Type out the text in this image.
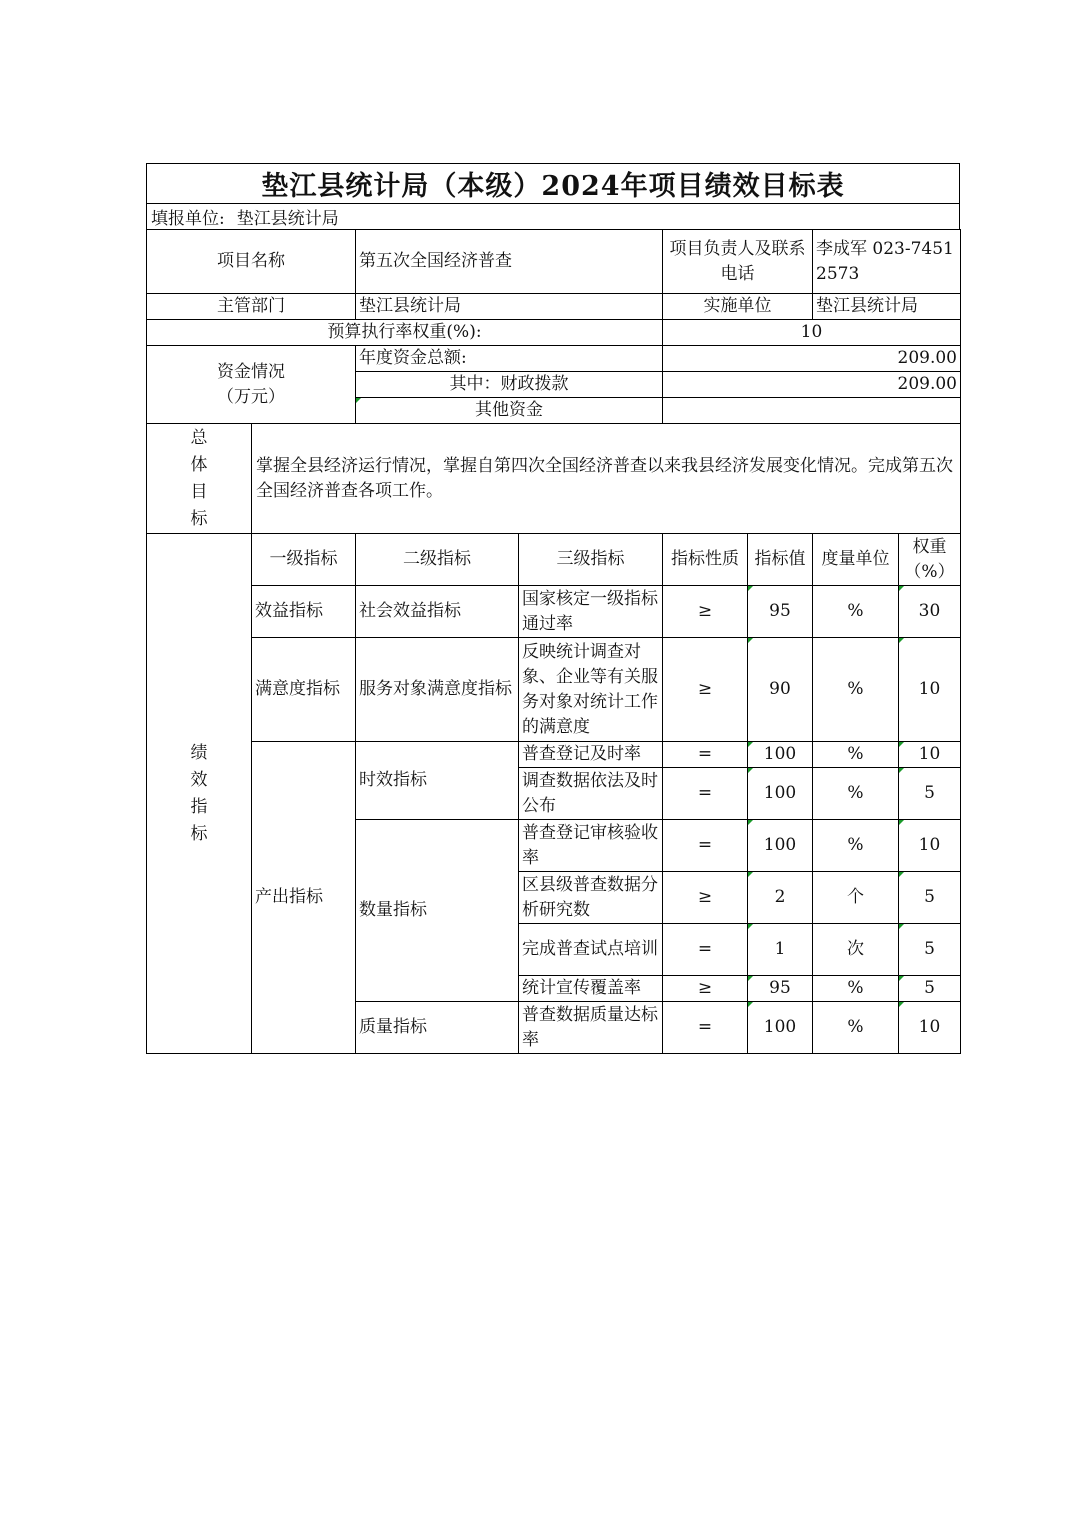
垫江县统计局（本级）2024年项目绩效目标表
填报单位: 垫江县统计局
项目名称		第五次全国经济普查		项目负责人及联系电话		李成军 023-74512573	
主管部门		垫江县统计局		实施单位		垫江县统计局	
预算执行率权重(%):				10			

资金情况
（万元）		年度资金总额:		209.00			
		其中：财政拨款		209.00			
		其他资金					

总
体
目
标	掌握全县经济运行情况，掌握自第四次全国经济普查以来我县经济发展变化情况。完成第五次全国经济普查各项工作。						

绩
效
指
标	一级指标	二级指标	三级指标	指标性质	指标值	度量单位	权重（%）
	效益指标	社会效益指标	国家核定一级指标通过率	≥	95	%	30
	满意度指标	服务对象满意度指标	反映统计调查对象、企业等有关服务对象对统计工作的满意度	≥	90	%	10
	产出指标	时效指标	普查登记及时率	=	100	%	10
			调查数据依法及时公布	=	100	%	5
		数量指标	普查登记审核验收率	=	100	%	10
			区县级普查数据分析研究数	≥	2	个	5
			完成普查试点培训	=	1	次	5
			统计宣传覆盖率	≥	95	%	5
		质量指标	普查数据质量达标率	=	100	%	10
